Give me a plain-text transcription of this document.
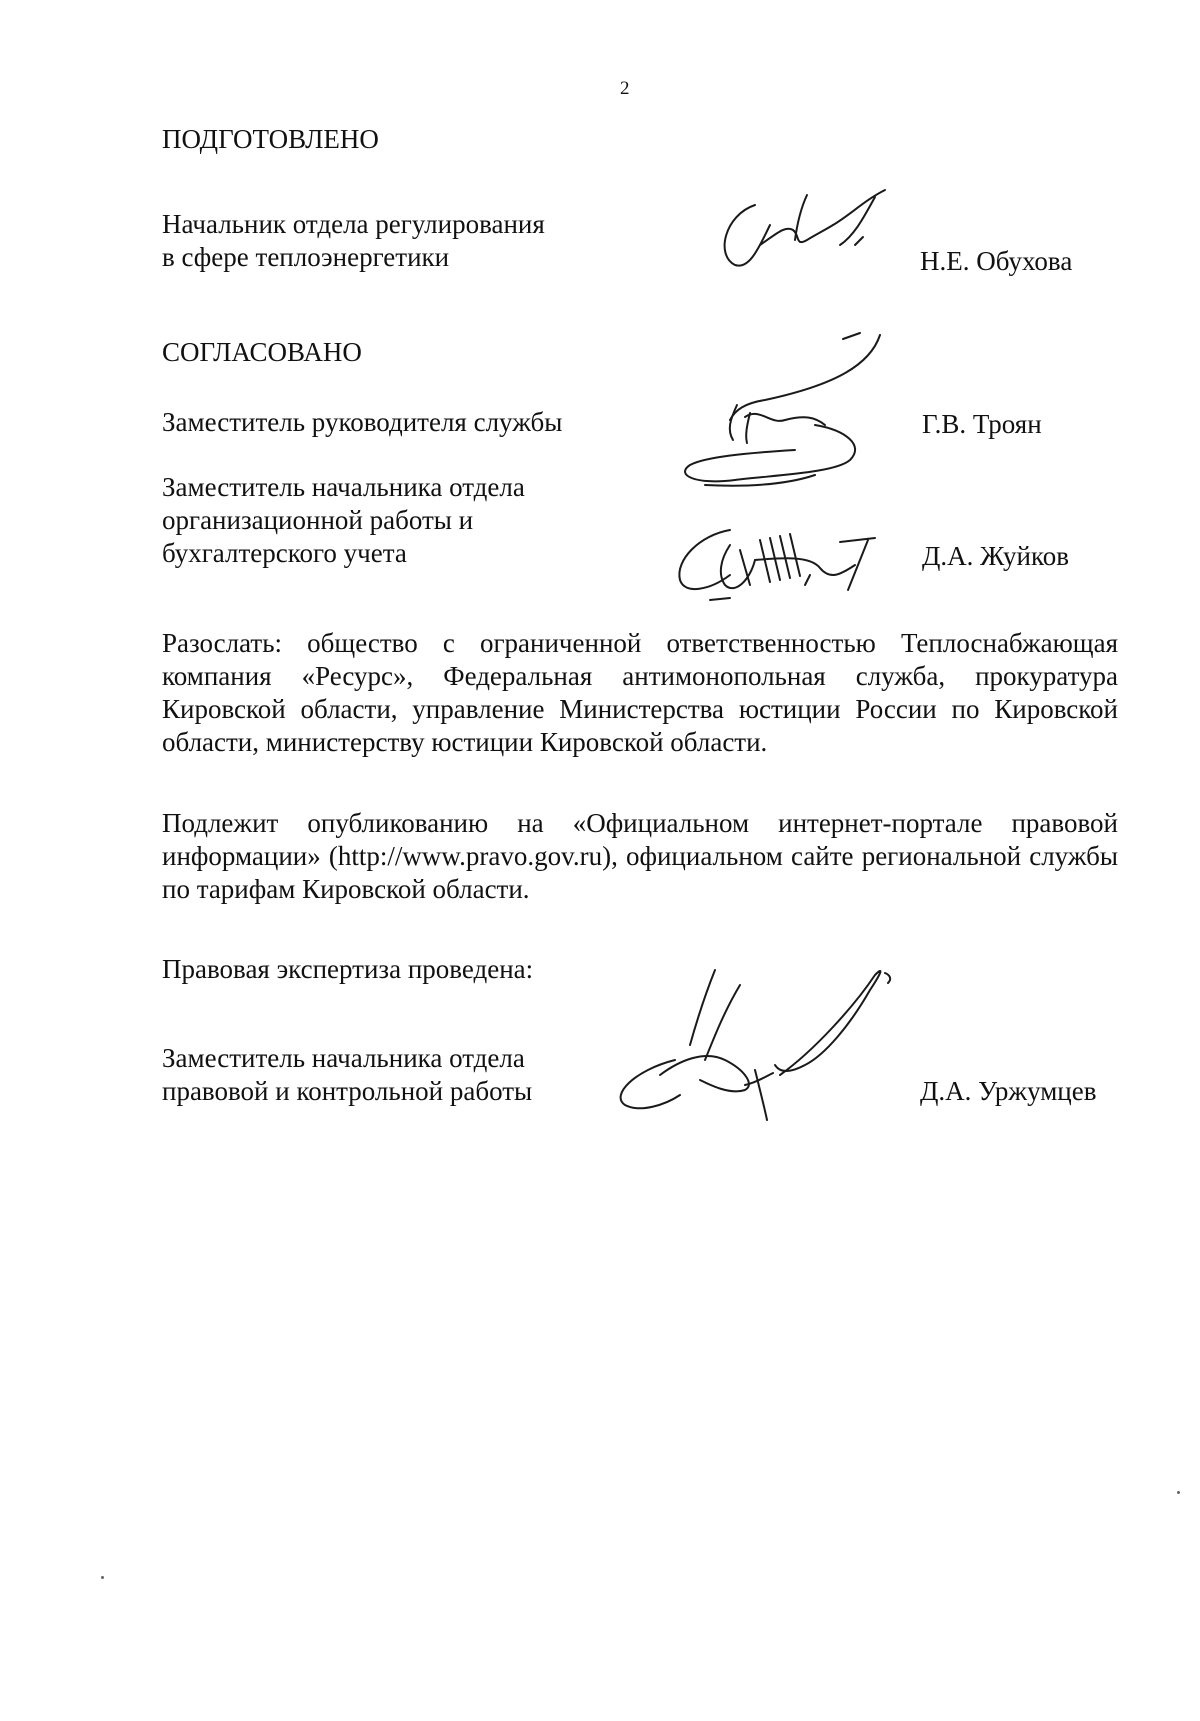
2
ПОДГОТОВЛЕНО
Начальник отдела регулирования
в сфере теплоэнергетики	Н.Е. Обухова
СОГЛАСОВАНО
Заместитель руководителя службы	Г.В. Троян
Заместитель начальника отдела
организационной работы и
бухгалтерского учета	Д.А. Жуйков
Разослать: общество с ограниченной ответственностью Теплоснабжающая компания «Ресурс», Федеральная антимонопольная служба, прокуратура Кировской области, управление Министерства юстиции России по Кировской области, министерству юстиции Кировской области.
Подлежит опубликованию на «Официальном интернет-портале правовой информации» (http://www.pravo.gov.ru), официальном сайте региональной службы по тарифам Кировской области.
Правовая экспертиза проведена:
Заместитель начальника отдела
правовой и контрольной работы	Д.А. Уржумцев
